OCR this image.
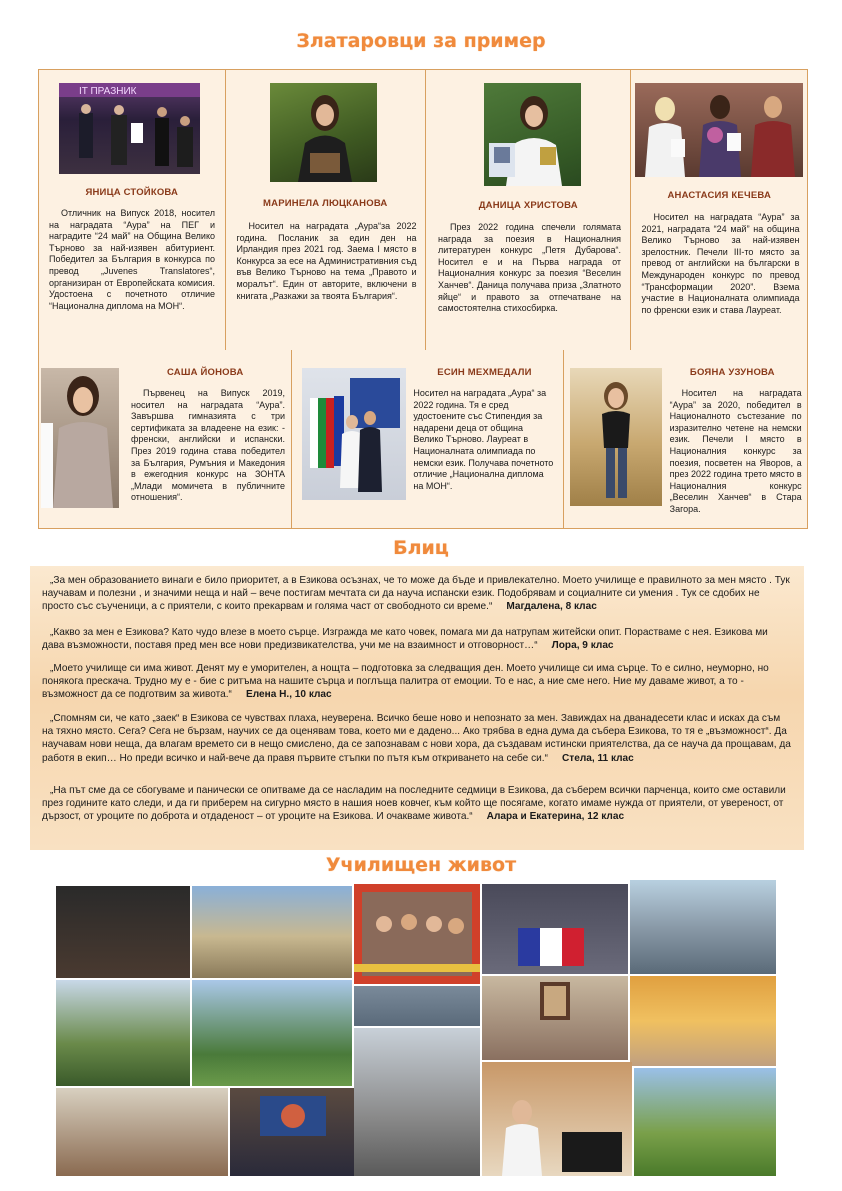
Златаровци за пример
IT ПРАЗНИК
ЯНИЦА СТОЙКОВА
Отличник на Випуск 2018, носител на наградата “Аура” на ПЕГ и наградите “24 май” на Община Велико Търново за най-изявен абитуриент. Победител за България в конкурса по превод „Juvenes Translatores“, организиран от Европейската комисия. Удостоена с почетното отличие “Национална диплома на МОН“.
МАРИНЕЛА ЛЮЦКАНОВА
Носител на наградата „Аура“за 2022 година. Посланик за един ден на Ирландия през 2021 год. Заема I място в Конкурса за есе на Административния съд във Велико Търново на тема „Правото и моралът“. Един от авторите, включени в книгата „Разкажи за твоята България“.
ДАНИЦА ХРИСТОВА
През 2022 година спечели голямата награда за поезия в Националния литературен конкурс „Петя Дубарова“. Носител е и на Първа награда от Националния конкурс за поезия “Веселин Ханчев“. Даница получава приза „Златното яйце“ и правото за отпечатване на самостоятелна стихосбирка.
АНАСТАСИЯ КЕЧЕВА
Носител на наградата “Аура” за 2021, наградата “24 май” на община Велико Търново за най-изявен зрелостник. Печели III-то място за превод от английски на български в Международен конкурс по превод “Трансформации 2020”. Взема участие в Националната олимпиада по френски език и става Лауреат.
САША ЙОНОВА
Първенец на Випуск 2019, носител на наградата “Аура”. Завършва гимназията с три сертификата за владеене на език: - френски, английски и испански. През 2019 година става победител за България, Румъния и Македония в ежегодния конкурс на ЗОНТА „Млади момичета в публичните отношения“.
ЕСИН МЕХМЕДАЛИ
Носител на наградата „Аура“ за 2022 година. Тя е сред удостоените със Стипендия за надарени деца от община Велико Търново. Лауреат в Националната олимпиада по немски език. Получава почетното отличие „Национална диплома на МОН“.
БОЯНА УЗУНОВА
Носител на наградата “Аура” за 2020, победител в Националното състезание по изразително четене на немски език. Печели I място в Националния конкурс за поезия, посветен на Яворов, а през 2022 година трето място в Националния конкурс „Веселин Ханчев“ в Стара Загора.
Блиц
„За мен образованието винаги е било приоритет, а в Езикова осъзнах, че то може да бъде и привлекателно. Моето училище е правилното за мен място . Тук научавам и полезни , и значими неща и най – вече постигам мечтата си да науча испански език. Подобрявам и социалните си умения . Тук се сдобих не просто със съученици, а с приятели, с които прекарвам и голяма част от свободното си време.“ Магдалена, 8 клас
„Какво за мен е Езикова? Като чудо влезе в моето сърце. Изгражда ме като човек, помага ми да натрупам житейски опит. Порастваме с нея. Езикова ми дава възможности, поставя пред мен все нови предизвикателства, учи ме на взаимност и отговорност…“ Лора, 9 клас
„Моето училище си има живот. Денят му е уморителен, а нощта – подготовка за следващия ден. Моето училище си има сърце. То е силно, неуморно, но понякога прескача. Трудно му е - бие с ритъма на нашите сърца и поглъща палитра от емоции. То е нас, а ние сме него. Ние му даваме живот, а то - възможност да се подготвим за живота.“ Елена Н., 10 клас
„Спомням си, че като „заек“ в Езикова се чувствах плаха, неуверена. Всичко беше ново и непознато за мен. Завиждах на дванадесети клас и исках да съм на тяхно място. Сега? Сега не бързам, научих се да оценявам това, което ми е дадено... Ако трябва в една дума да събера Езикова, то тя е „възможност“. Да научавам нови неща, да влагам времето си в нещо смислено, да се запознавам с нови хора, да създавам истински приятелства, да се науча да прощавам, да работя в екип… Но преди всичко и най-вече да правя първите стъпки по пътя към откриването на себе си.“ Стела, 11 клас
„На път сме да се сбогуваме и панически се опитваме да се насладим на последните седмици в Езикова, да съберем всички парченца, които сме оставили през годините като следи, и да ги приберем на сигурно място в нашия ноев ковчег, към който ще посягаме, когато имаме нужда от приятели, от увереност, от дързост, от уроците по доброта и отдаденост – от уроците на Езикова. И очакваме живота.“ Алара и Екатерина, 12 клас
Училищен живот
